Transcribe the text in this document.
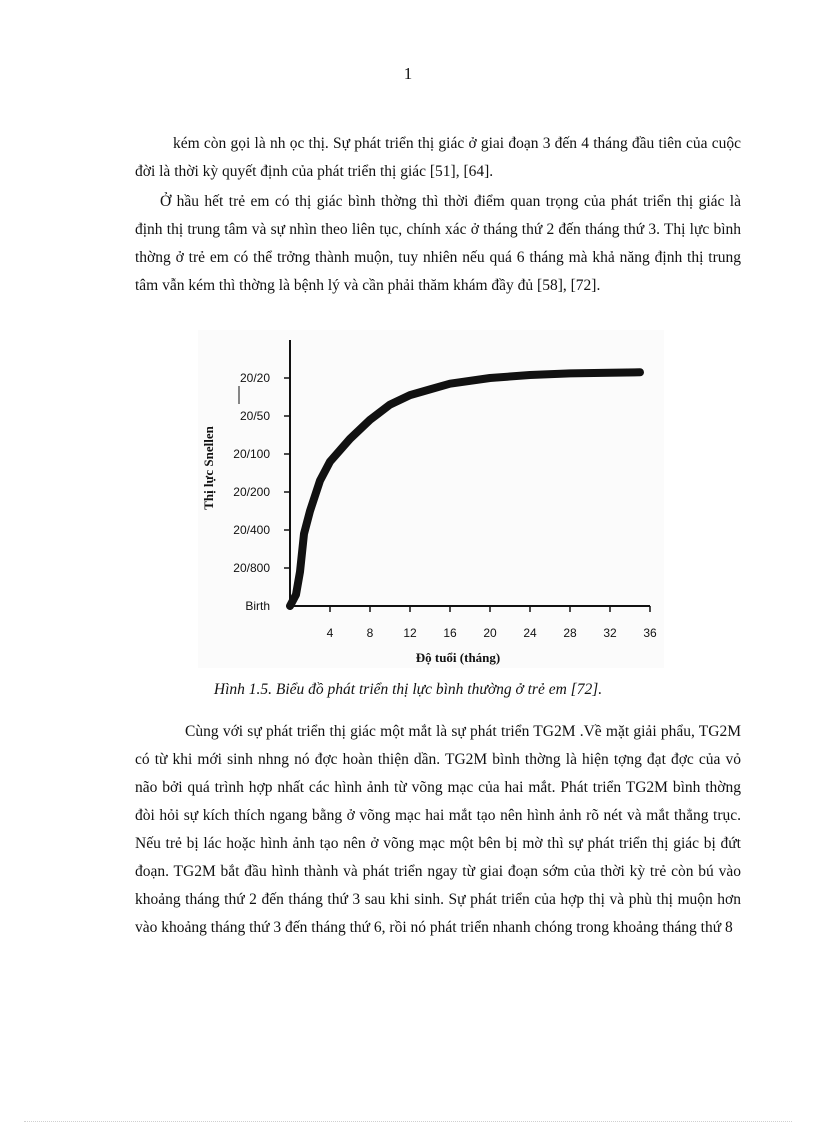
1

kém còn gọi là nh ọc thị. Sự phát triển thị giác ở giai đoạn 3 đến 4 tháng đầu tiên của cuộc đời là thời kỳ quyết định của phát triển thị giác [51], [64].

Ở hầu hết trẻ em có thị giác bình thờng thì thời điểm quan trọng của phát triển thị giác là định thị trung tâm và sự nhìn theo liên tục, chính xác ở tháng thứ 2 đến tháng thứ 3. Thị lực bình thờng ở trẻ em có thể trởng thành muộn, tuy nhiên nếu quá 6 tháng mà khả năng định thị trung tâm vẫn kém thì thờng là bệnh lý và cần phải thăm khám đầy đủ [58], [72].

4	8 12 16 20 24 28 32 36
Birth
20/800
20/400
20/200
20/100
20/50
20/20
Độ tuổi (tháng)
Thị lực Snellen
Hình 1.5. Biểu đồ phát triển thị lực bình thường ở trẻ em [72].

Cùng với sự phát triển thị giác một mắt là sự phát triển TG2M .Về mặt giải phẩu, TG2M có từ khi mới sinh nhng nó đợc hoàn thiện dần. TG2M bình thờng là hiện tợng đạt đợc của vỏ não bởi quá trình hợp nhất các hình ảnh từ võng mạc của hai mắt. Phát triển TG2M bình thờng đòi hỏi sự kích thích ngang bằng ở võng mạc hai mắt tạo nên hình ảnh rõ nét và mắt thẳng trục. Nếu trẻ bị lác hoặc hình ảnh tạo nên ở võng mạc một bên bị mờ thì sự phát triển thị giác bị đứt đoạn. TG2M bắt đầu hình thành và phát triển ngay từ giai đoạn sớm của thời kỳ trẻ còn bú vào khoảng tháng thứ 2 đến tháng thứ 3 sau khi sinh. Sự phát triển của hợp thị và phù thị muộn hơn vào khoảng tháng thứ 3 đến tháng thứ 6, rồi nó phát triển nhanh chóng trong khoảng tháng thứ 8
